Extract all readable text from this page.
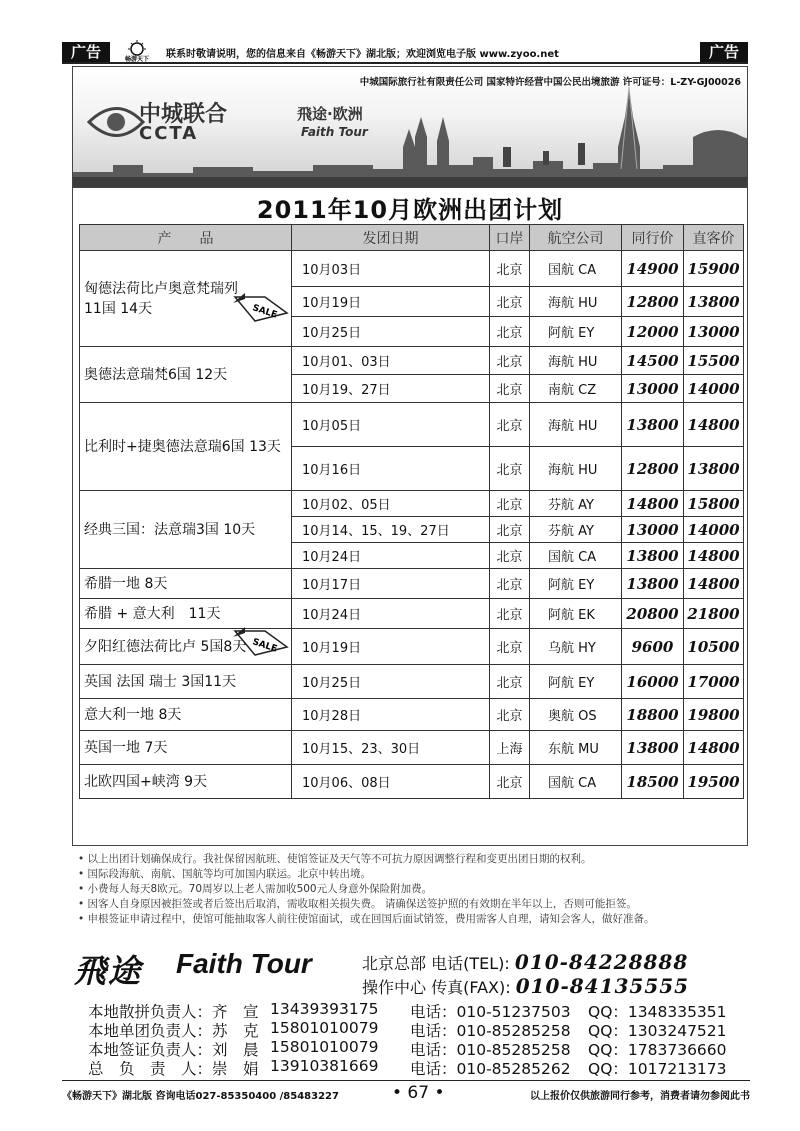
广告	畅游天下 联系时敬请说明，您的信息来自《畅游天下》湖北版；欢迎浏览电子版 www.zyoo.net	广告
中城国际旅行社有限责任公司 国家特许经营中国公民出境旅游 许可证号：L-ZY-GJ00026
中城联合
CCTA
飛途·欧洲
Faith Tour
2011年10月欧洲出团计划
产　　品	发团日期	口岸	航空公司	同行价	直客价
匈德法荷比卢奥意梵瑞列
11国 14天	10月03日	北京	国航 CA	14900	15900
	10月19日	北京	海航 HU	12800	13800
	10月25日	北京	阿航 EY	12000	13000
奥德法意瑞梵6国 12天	10月01、03日	北京	海航 HU	14500	15500
	10月19、27日	北京	南航 CZ	13000	14000
比利时+捷奥德法意瑞6国 13天	10月05日	北京	海航 HU	13800	14800
	10月16日	北京	海航 HU	12800	13800
经典三国：法意瑞3国 10天	10月02、05日	北京	芬航 AY	14800	15800
	10月14、15、19、27日	北京	芬航 AY	13000	14000
	10月24日	北京	国航 CA	13800	14800
希腊一地 8天	10月17日	北京	阿航 EY	13800	14800
希腊 + 意大利　11天	10月24日	北京	阿航 EK	20800	21800
夕阳红德法荷比卢 5国8天	10月19日	北京	乌航 HY	9600	10500
英国 法国 瑞士 3国11天	10月25日	北京	阿航 EY	16000	17000
意大利一地 8天	10月28日	北京	奥航 OS	18800	19800
英国一地 7天	10月15、23、30日	上海	东航 MU	13800	14800
北欧四国+峡湾 9天	10月06、08日	北京	国航 CA	18500	19500
SALE
SALE
• 以上出团计划确保成行。我社保留因航班、使馆签证及天气等不可抗力原因调整行程和变更出团日期的权利。
• 国际段海航、南航、国航等均可加国内联运。北京中转出境。
• 小费每人每天8欧元。70周岁以上老人需加收500元人身意外保险附加费。
• 因客人自身原因被拒签或者后签出后取消，需收取相关损失费。 请确保送签护照的有效期在半年以上，否则可能拒签。
• 申根签证申请过程中，使馆可能抽取客人前往使馆面试，或在回国后面试销签，费用需客人自理，请知会客人，做好准备。
飛途 Faith Tour	北京总部 电话(TEL): 010-84228888
操作中心 传真(FAX): 010-84135555
本地散拼负责人：齐　宣 13439393175 电话：010-51237503 QQ：1348335351
本地单团负责人：苏　克 15801010079 电话：010-85285258 QQ：1303247521
本地签证负责人：刘　晨 15801010079 电话：010-85285258 QQ：1783736660
总　负　责　人：崇　娟 13910381669 电话：010-85285262 QQ：1017213173
《畅游天下》湖北版 咨询电话027-85350400 /85483227	• 67 •	以上报价仅供旅游同行参考，消费者请勿参阅此书
